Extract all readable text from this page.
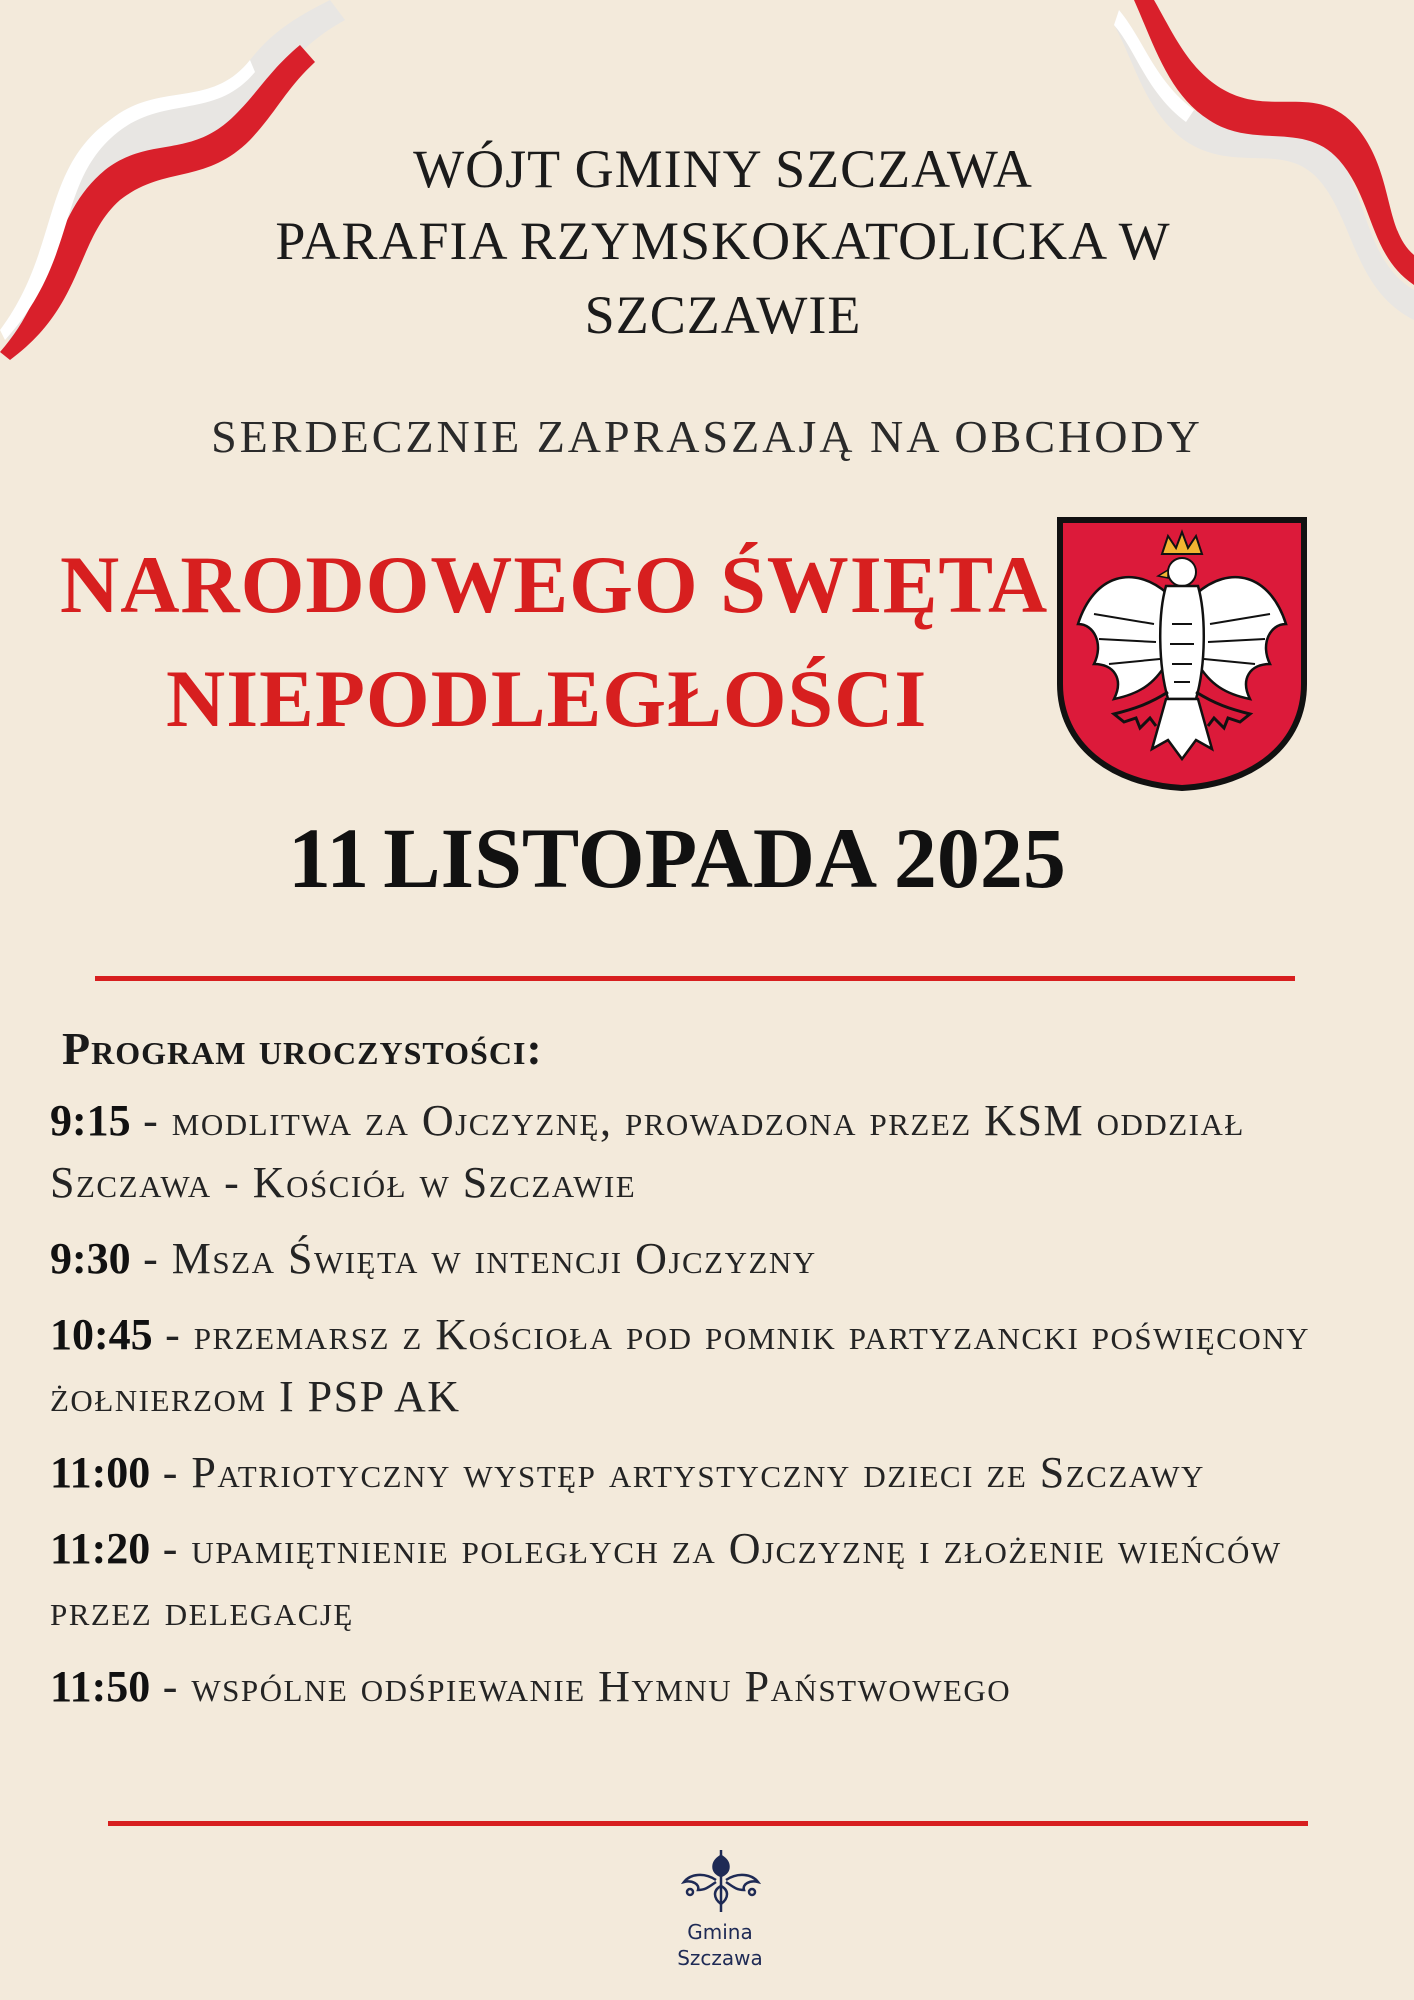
WÓJT GMINY SZCZAWA
PARAFIA RZYMSKOKATOLICKA W
SZCZAWIE
SERDECZNIE ZAPRASZAJĄ NA OBCHODY
NARODOWEGO ŚWIĘTA
NIEPODLEGŁOŚCI
11 LISTOPADA 2025
Program uroczystości:
9:15 - modlitwa za Ojczyznę, prowadzona przez KSM oddział Szczawa - Kościół w Szczawie
9:30 - Msza Święta w intencji Ojczyzny
10:45 - przemarsz z Kościoła pod pomnik partyzancki poświęcony żołnierzom I PSP AK
11:00 - Patriotyczny występ artystyczny dzieci ze Szczawy
11:20 - upamiętnienie poległych za Ojczyznę i złożenie wieńców przez delegację
11:50 - wspólne odśpiewanie Hymnu Państwowego
Gmina
Szczawa
